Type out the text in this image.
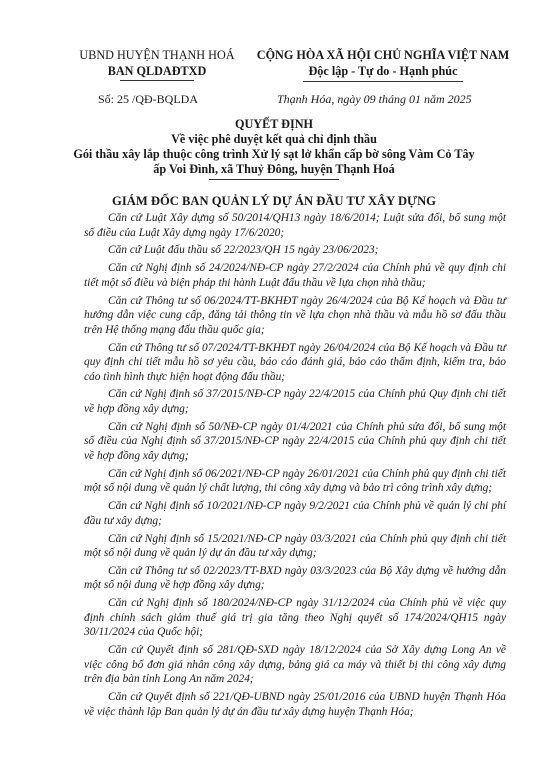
UBND HUYỆN THẠNH HOÁ
BAN QLDAĐTXD
CỘNG HÒA XÃ HỘI CHỦ NGHĨA VIỆT NAM
Độc lập - Tự do - Hạnh phúc
Số: 25 /QĐ-BQLDA	Thạnh Hóa, ngày 09 tháng 01 năm 2025
QUYẾT ĐỊNH
Về việc phê duyệt kết quả chỉ định thầu
Gói thầu xây lắp thuộc công trình Xử lý sạt lở khẩn cấp bờ sông Vàm Cỏ Tây
ấp Voi Đình, xã Thuỷ Đông, huyện Thạnh Hoá
GIÁM ĐỐC BAN QUẢN LÝ DỰ ÁN ĐẦU TƯ XÂY DỰNG

Căn cứ Luật Xây dựng số 50/2014/QH13 ngày 18/6/2014; Luật sửa đổi, bổ sung một số điều của Luật Xây dựng ngày 17/6/2020;

Căn cứ Luật đấu thầu số 22/2023/QH 15 ngày 23/06/2023;

Căn cứ Nghị định số 24/2024/NĐ-CP ngày 27/2/2024 của Chính phủ về quy định chi tiết một số điều và biện pháp thi hành Luật đấu thầu về lựa chọn nhà thầu;

Căn cứ Thông tư số 06/2024/TT-BKHĐT ngày 26/4/2024 của Bộ Kế hoạch và Đầu tư hướng dẫn việc cung cấp, đăng tải thông tin về lựa chọn nhà thầu và mẫu hồ sơ đấu thầu trên Hệ thống mạng đấu thầu quốc gia;

Căn cứ Thông tư số 07/2024/TT-BKHĐT ngày 26/04/2024 của Bộ Kế hoạch và Đầu tư quy định chi tiết mẫu hồ sơ yêu cầu, báo cáo đánh giá, báo cáo thẩm định, kiểm tra, báo cáo tình hình thực hiện hoạt động đấu thầu;

Căn cứ Nghị định số 37/2015/NĐ-CP ngày 22/4/2015 của Chính phủ Quy định chi tiết về hợp đồng xây dựng;

Căn cứ Nghị định số 50/NĐ-CP ngày 01/4/2021 của Chính phủ sửa đổi, bổ sung một số điều của Nghị định số 37/2015/NĐ-CP ngày 22/4/2015 của Chính phủ quy định chi tiết về hợp đồng xây dựng;

Căn cứ Nghị định số 06/2021/NĐ-CP ngày 26/01/2021 của Chính phủ quy định chi tiết một số nội dung về quản lý chất lượng, thi công xây dựng và bảo trì công trình xây dựng;

Căn cứ Nghị định số 10/2021/NĐ-CP ngày 9/2/2021 của Chính phủ về quản lý chi phí đầu tư xây dựng;

Căn cứ Nghị định số 15/2021/NĐ-CP ngày 03/3/2021 của Chính phủ quy định chi tiết một số nội dung về quản lý dự án đầu tư xây dựng;

Căn cứ Thông tư số 02/2023/TT-BXD ngày 03/3/2023 của Bộ Xây dựng về hướng dẫn một số nội dung về hợp đồng xây dựng;

Căn cứ Nghị định số 180/2024/NĐ-CP ngày 31/12/2024 của Chính phủ về việc quy định chính sách giảm thuế giá trị gia tăng theo Nghị quyết số 174/2024/QH15 ngày 30/11/2024 của Quốc hội;

Căn cứ Quyết định số 281/QĐ-SXD ngày 18/12/2024 của Sở Xây dựng Long An về việc công bố đơn giá nhân công xây dựng, bảng giá ca máy và thiết bị thi công xây dựng trên địa bàn tỉnh Long An năm 2024;

Căn cứ Quyết định số 221/QĐ-UBND ngày 25/01/2016 của UBND huyện Thạnh Hóa về việc thành lập Ban quản lý dự án đầu tư xây dựng huyện Thạnh Hóa;
